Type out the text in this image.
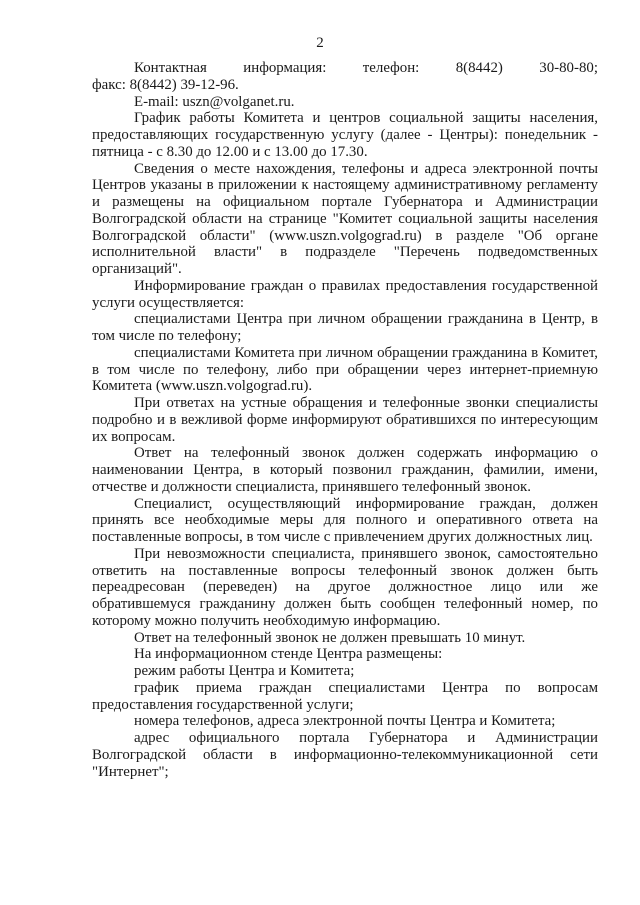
2
Контактная информация: телефон: 8(8442) 30-80-80;

факс: 8(8442) 39-12-96.

E-mail: uszn@volganet.ru.

График работы Комитета и центров социальной защиты населения, предоставляющих государственную услугу (далее - Центры): понедельник - пятница - с 8.30 до 12.00 и с 13.00 до 17.30.

Сведения о месте нахождения, телефоны и адреса электронной почты Центров указаны в приложении к настоящему административному регламенту и размещены на официальном портале Губернатора и Администрации Волгоградской области на странице "Комитет социальной защиты населения Волгоградской области" (www.uszn.volgograd.ru) в разделе "Об органе исполнительной власти" в подразделе "Перечень подведомственных организаций".

Информирование граждан о правилах предоставления государственной услуги осуществляется:

специалистами Центра при личном обращении гражданина в Центр, в том числе по телефону;

специалистами Комитета при личном обращении гражданина в Комитет, в том числе по телефону, либо при обращении через интернет-приемную Комитета (www.uszn.volgograd.ru).

При ответах на устные обращения и телефонные звонки специалисты подробно и в вежливой форме информируют обратившихся по интересующим их вопросам.

Ответ на телефонный звонок должен содержать информацию о наименовании Центра, в который позвонил гражданин, фамилии, имени, отчестве и должности специалиста, принявшего телефонный звонок.

Специалист, осуществляющий информирование граждан, должен принять все необходимые меры для полного и оперативного ответа на поставленные вопросы, в том числе с привлечением других должностных лиц.

При невозможности специалиста, принявшего звонок, самостоятельно ответить на поставленные вопросы телефонный звонок должен быть переадресован (переведен) на другое должностное лицо или же обратившемуся гражданину должен быть сообщен телефонный номер, по которому можно получить необходимую информацию.

Ответ на телефонный звонок не должен превышать 10 минут.

На информационном стенде Центра размещены:

режим работы Центра и Комитета;

график приема граждан специалистами Центра по вопросам предоставления государственной услуги;

номера телефонов, адреса электронной почты Центра и Комитета;

адрес официального портала Губернатора и Администрации Волгоградской области в информационно-телекоммуникационной сети "Интернет";
